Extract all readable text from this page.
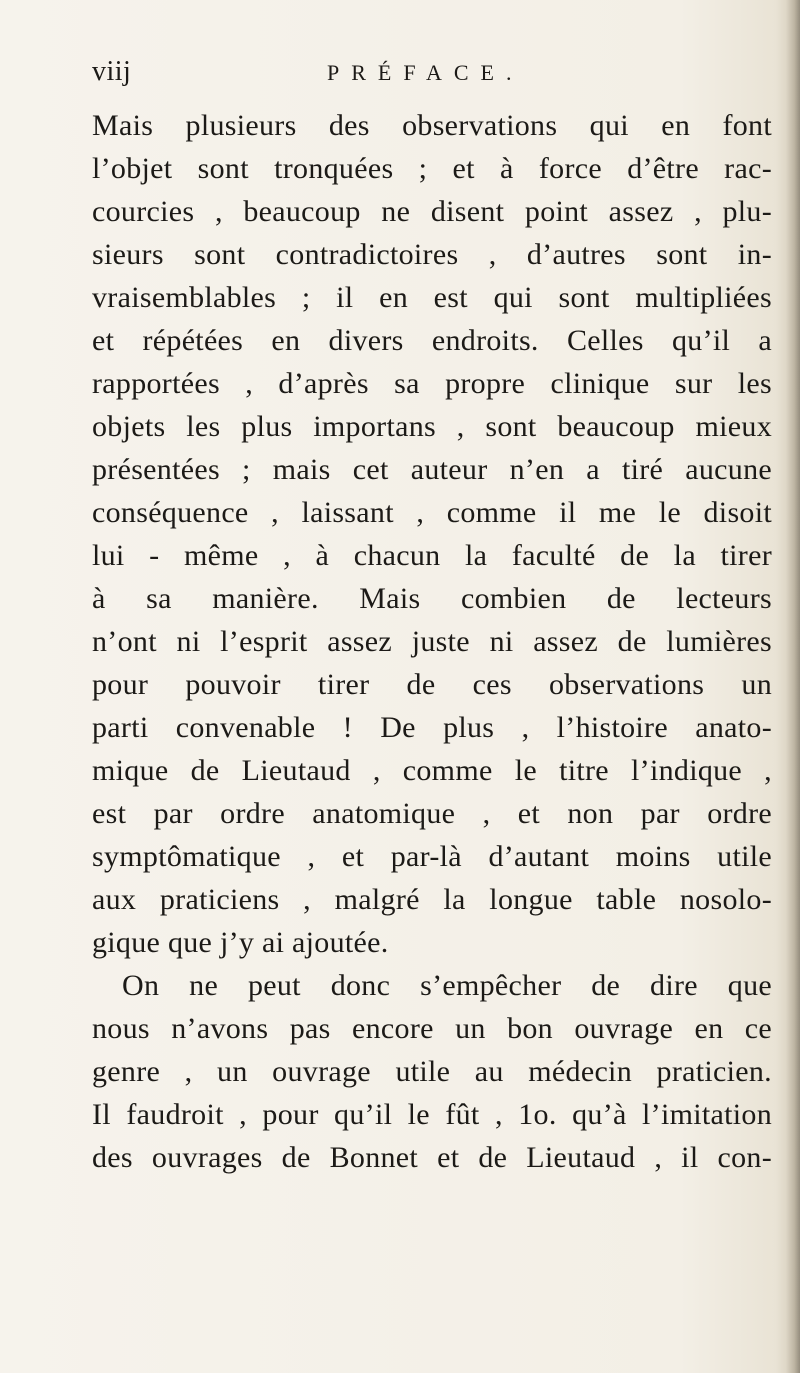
viij	PRÉFACE.
Mais plusieurs des observations qui en font
l’objet sont tronquées ; et à force d’être rac-
courcies , beaucoup ne disent point assez , plu-
sieurs sont contradictoires , d’autres sont in-
vraisemblables ; il en est qui sont multipliées
et répétées en divers endroits. Celles qu’il a
rapportées , d’après sa propre clinique sur les
objets les plus importans , sont beaucoup mieux
présentées ; mais cet auteur n’en a tiré aucune
conséquence , laissant , comme il me le disoit
lui - même , à chacun la faculté de la tirer
à sa manière. Mais combien de lecteurs
n’ont ni l’esprit assez juste ni assez de lumières
pour pouvoir tirer de ces observations un
parti convenable ! De plus , l’histoire anato-
mique de Lieutaud , comme le titre l’indique ,
est par ordre anatomique , et non par ordre
symptômatique , et par-là d’autant moins utile
aux praticiens , malgré la longue table nosolo-
gique que j’y ai ajoutée.
On ne peut donc s’empêcher de dire que
nous n’avons pas encore un bon ouvrage en ce
genre , un ouvrage utile au médecin praticien.
Il faudroit , pour qu’il le fût , 1o. qu’à l’imitation
des ouvrages de Bonnet et de Lieutaud , il con-
